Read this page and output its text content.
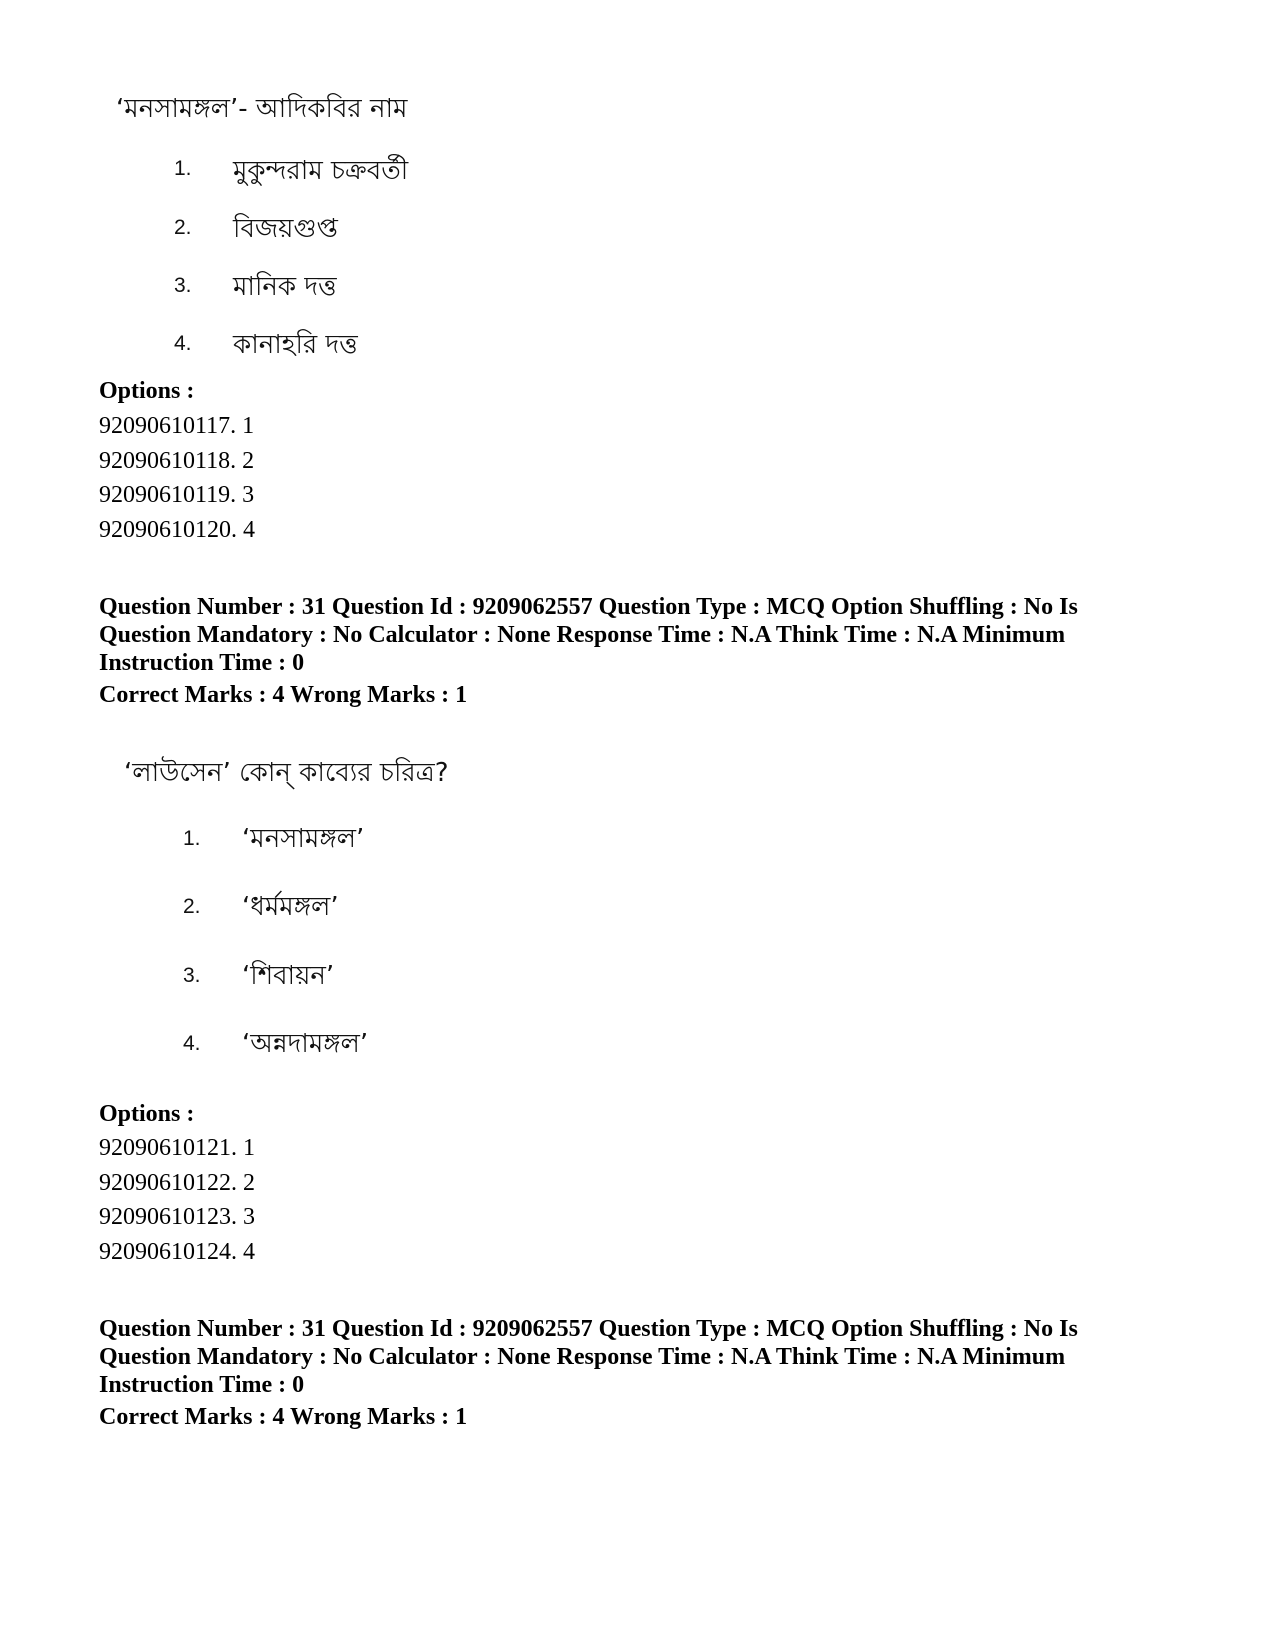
‘মনসামঙ্গল’- আদিকবির নাম
1. মুকুন্দরাম চক্রবর্তী
2. বিজয়গুপ্ত
3. মানিক দত্ত
4. কানাহরি দত্ত
Options :
92090610117. 1
92090610118. 2
92090610119. 3
92090610120. 4
Question Number : 31 Question Id : 9209062557 Question Type : MCQ Option Shuffling : No Is
Question Mandatory : No Calculator : None Response Time : N.A Think Time : N.A Minimum
Instruction Time : 0
Correct Marks : 4 Wrong Marks : 1
‘লাউসেন’ কোন্ কাব্যের চরিত্র?
1. ‘মনসামঙ্গল’
2. ‘ধর্মমঙ্গল’
3. ‘শিবায়ন’
4. ‘অন্নদামঙ্গল’
Options :
92090610121. 1
92090610122. 2
92090610123. 3
92090610124. 4
Question Number : 31 Question Id : 9209062557 Question Type : MCQ Option Shuffling : No Is
Question Mandatory : No Calculator : None Response Time : N.A Think Time : N.A Minimum
Instruction Time : 0
Correct Marks : 4 Wrong Marks : 1
